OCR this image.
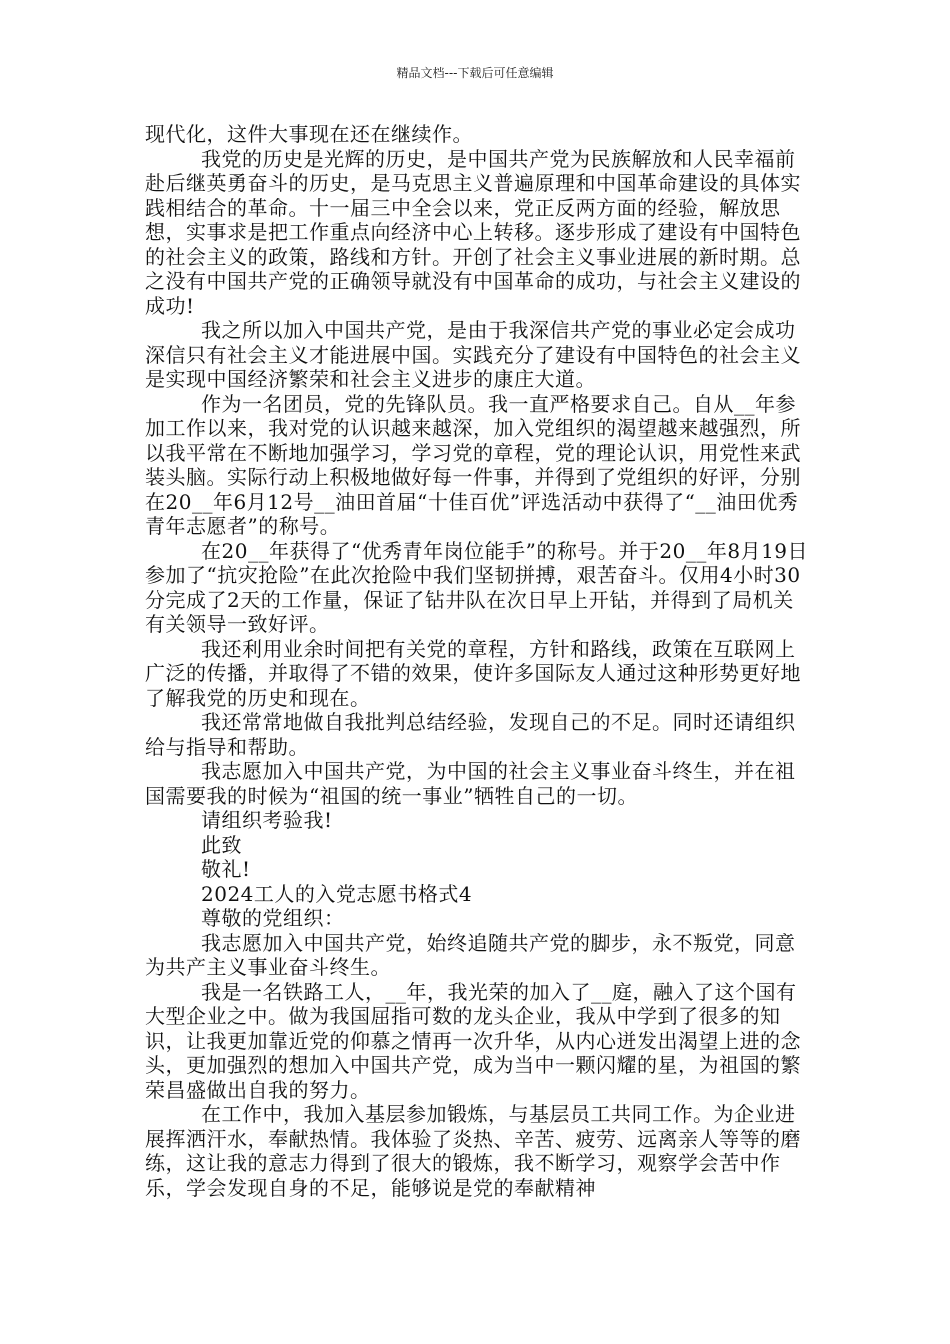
精品文档---下载后可任意编辑

现代化，这件大事现在还在继续作。

我党的历史是光辉的历史，是中国共产党为民族解放和人民幸福前赴后继英勇奋斗的历史，是马克思主义普遍原理和中国革命建设的具体实践相结合的革命。十一届三中全会以来，党正反两方面的经验，解放思想，实事求是把工作重点向经济中心上转移。逐步形成了建设有中国特色的社会主义的政策，路线和方针。开创了社会主义事业进展的新时期。总之没有中国共产党的正确领导就没有中国革命的成功，与社会主义建设的成功!

我之所以加入中国共产党，是由于我深信共产党的事业必定会成功深信只有社会主义才能进展中国。实践充分了建设有中国特色的社会主义是实现中国经济繁荣和社会主义进步的康庄大道。

作为一名团员，党的先锋队员。我一直严格要求自己。自从__年参加工作以来，我对党的认识越来越深，加入党组织的渴望越来越强烈，所以我平常在不断地加强学习，学习党的章程，党的理论认识，用党性来武装头脑。实际行动上积极地做好每一件事，并得到了党组织的好评，分别在20__年6月12号__油田首届“十佳百优”评选活动中获得了“__油田优秀青年志愿者”的称号。

在20__年获得了“优秀青年岗位能手”的称号。并于20__年8月19日参加了“抗灾抢险”在此次抢险中我们坚韧拼搏，艰苦奋斗。仅用4小时30分完成了2天的工作量，保证了钻井队在次日早上开钻，并得到了局机关有关领导一致好评。

我还利用业余时间把有关党的章程，方针和路线，政策在互联网上广泛的传播，并取得了不错的效果，使许多国际友人通过这种形势更好地了解我党的历史和现在。

我还常常地做自我批判总结经验，发现自己的不足。同时还请组织给与指导和帮助。

我志愿加入中国共产党，为中国的社会主义事业奋斗终生，并在祖国需要我的时候为“祖国的统一事业”牺牲自己的一切。

请组织考验我!

此致

敬礼!

2024工人的入党志愿书格式4

尊敬的党组织：

我志愿加入中国共产党，始终追随共产党的脚步，永不叛党，同意为共产主义事业奋斗终生。

我是一名铁路工人，__年，我光荣的加入了__庭，融入了这个国有大型企业之中。做为我国屈指可数的龙头企业，我从中学到了很多的知识，让我更加靠近党的仰慕之情再一次升华，从内心迸发出渴望上进的念头，更加强烈的想加入中国共产党，成为当中一颗闪耀的星，为祖国的繁荣昌盛做出自我的努力。

在工作中，我加入基层参加锻炼，与基层员工共同工作。为企业进展挥洒汗水，奉献热情。我体验了炎热、辛苦、疲劳、远离亲人等等的磨练，这让我的意志力得到了很大的锻炼，我不断学习，观察学会苦中作乐，学会发现自身的不足，能够说是党的奉献精神
